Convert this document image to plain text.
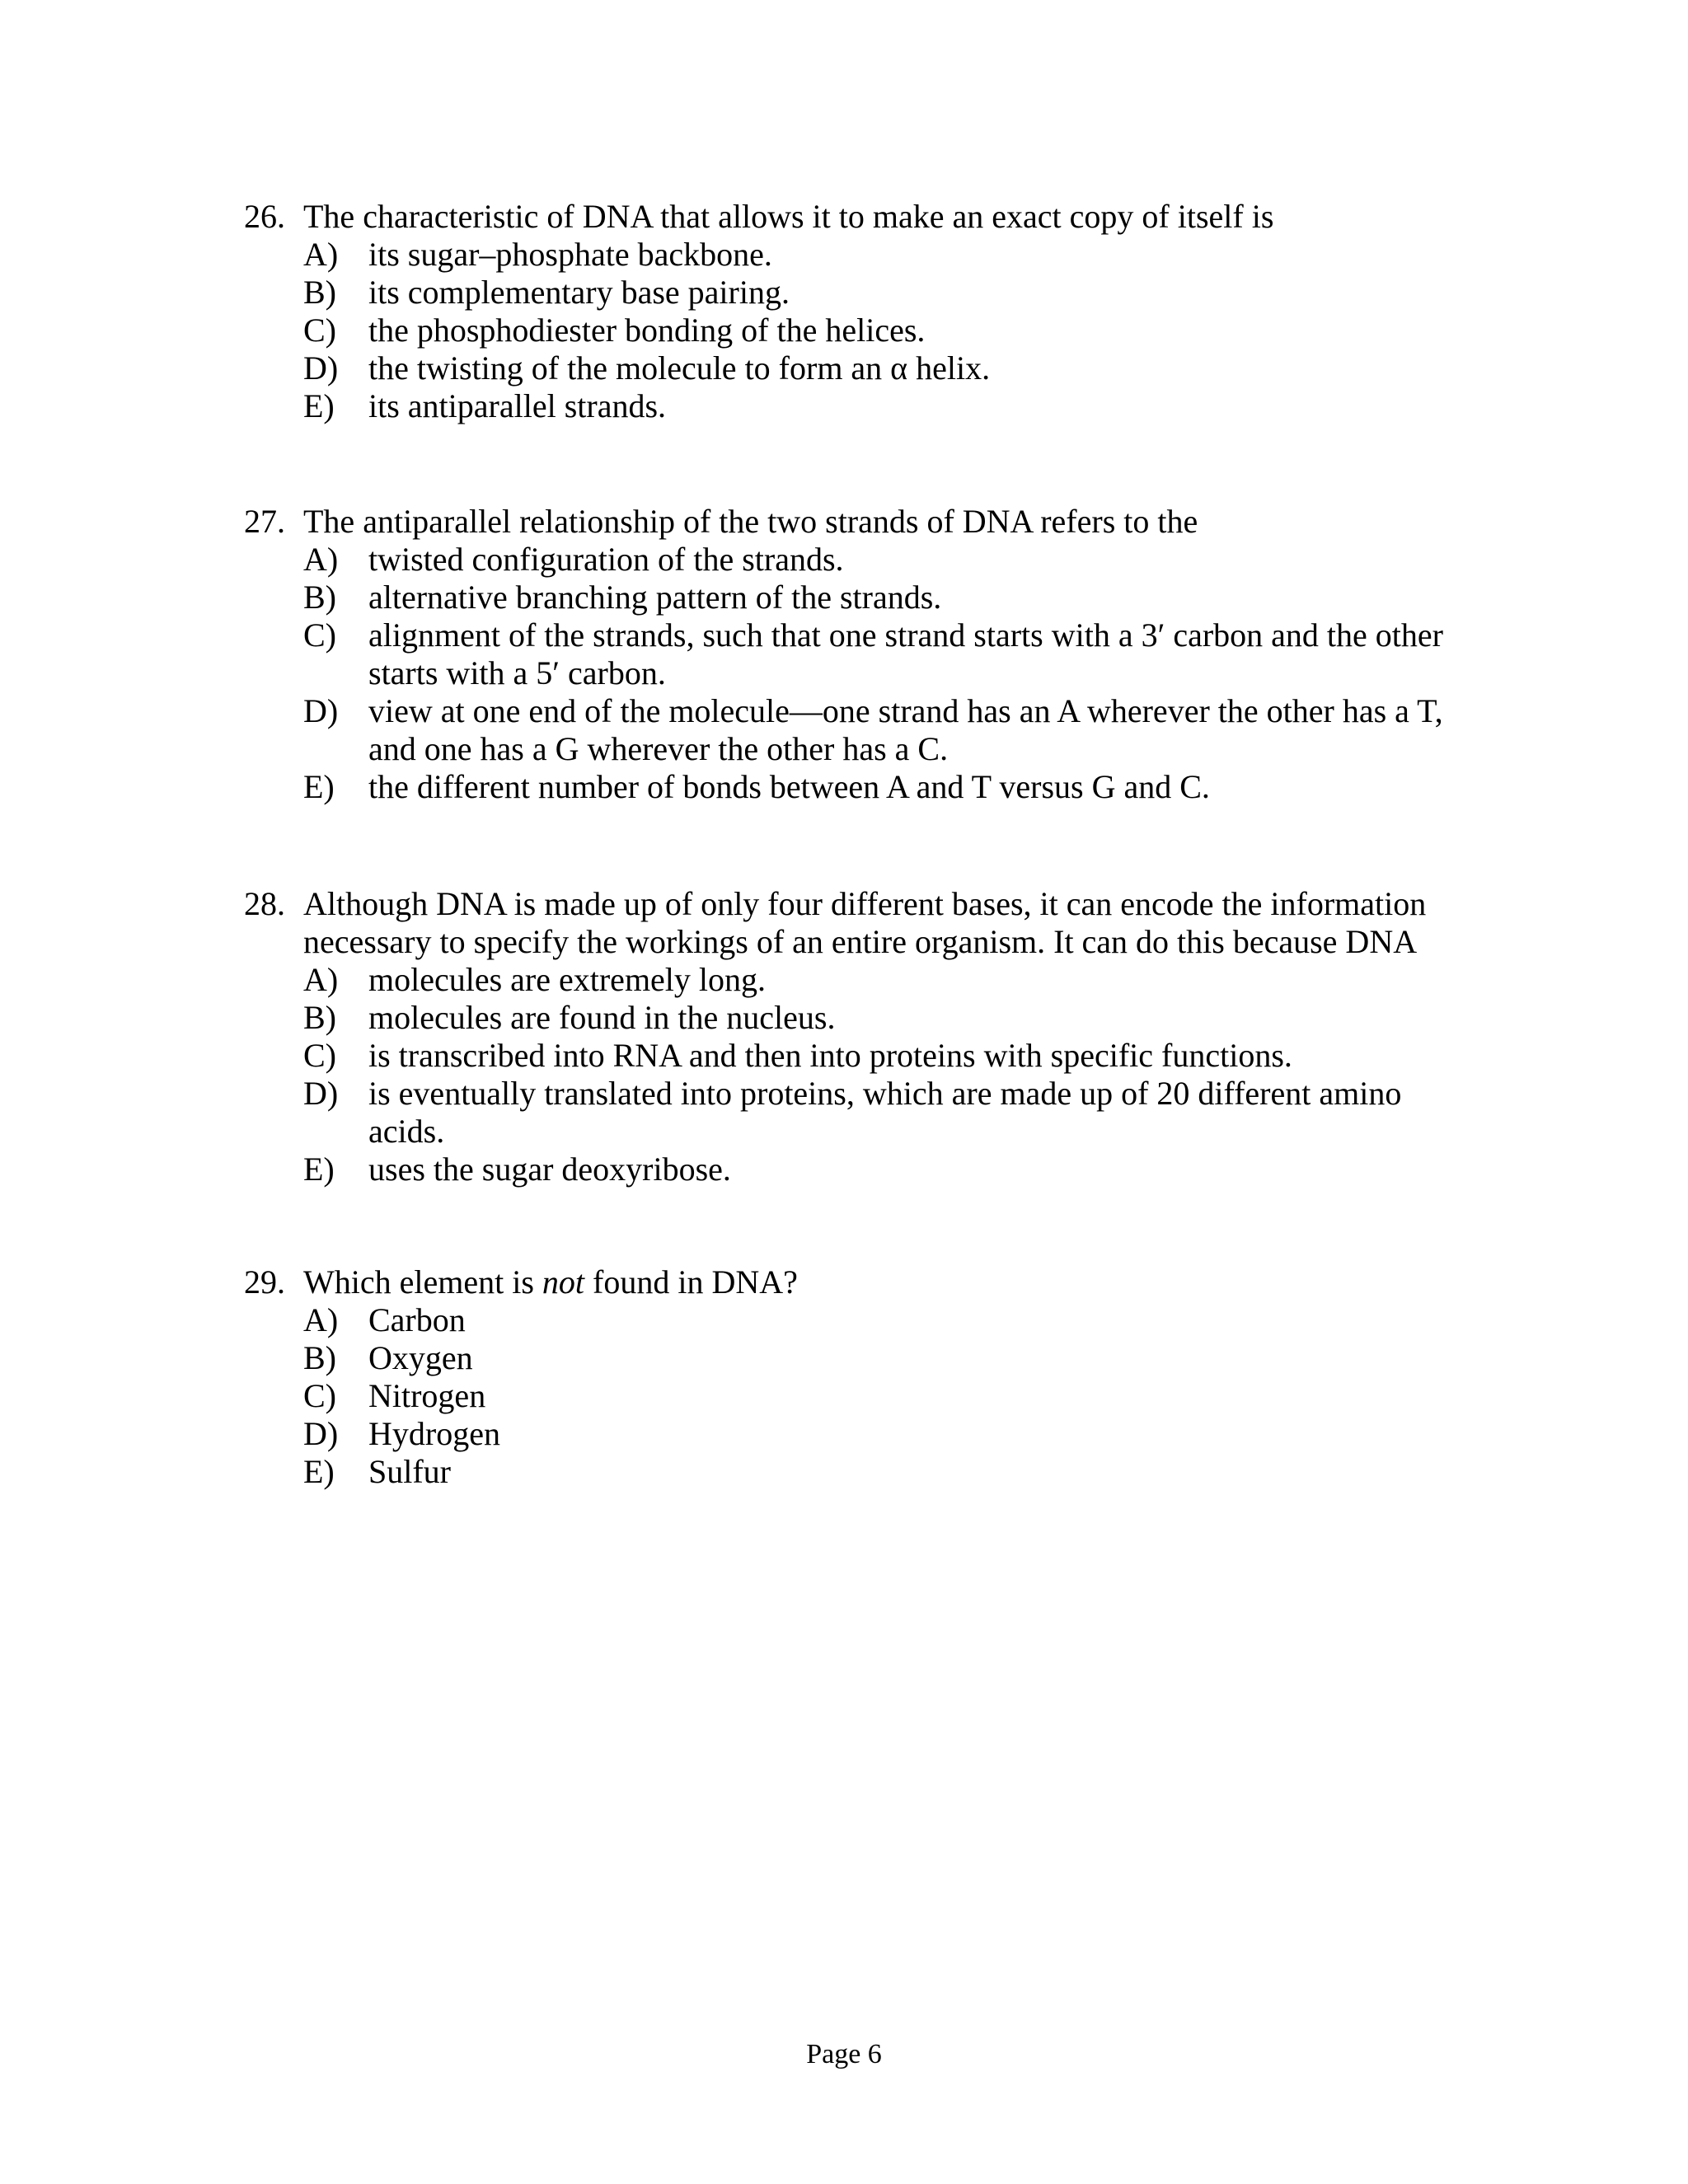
26. The characteristic of DNA that allows it to make an exact copy of itself is

A) its sugar–phosphate backbone.
B) its complementary base pairing.
C) the phosphodiester bonding of the helices.
D) the twisting of the molecule to form an α helix.
E)	its antiparallel strands.

27. The antiparallel relationship of the two strands of DNA refers to the

A) twisted configuration of the strands.
B) alternative branching pattern of the strands.
C) alignment of the strands, such that one strand starts with a 3′ carbon and the other starts with a 5′ carbon.
D) view at one end of the molecule—one strand has an A wherever the other has a T, and one has a G wherever the other has a C.
E)	the different number of bonds between A and T versus G and C.

28. Although DNA is made up of only four different bases, it can encode the information necessary to specify the workings of an entire organism. It can do this because DNA

A) molecules are extremely long.
B) molecules are found in the nucleus.
C) is transcribed into RNA and then into proteins with specific functions.
D) is eventually translated into proteins, which are made up of 20 different amino acids.
E)	uses the sugar deoxyribose.

29. Which element is not found in DNA?

A) Carbon
B) Oxygen
C) Nitrogen
D) Hydrogen
E)	Sulfur
Page 6
